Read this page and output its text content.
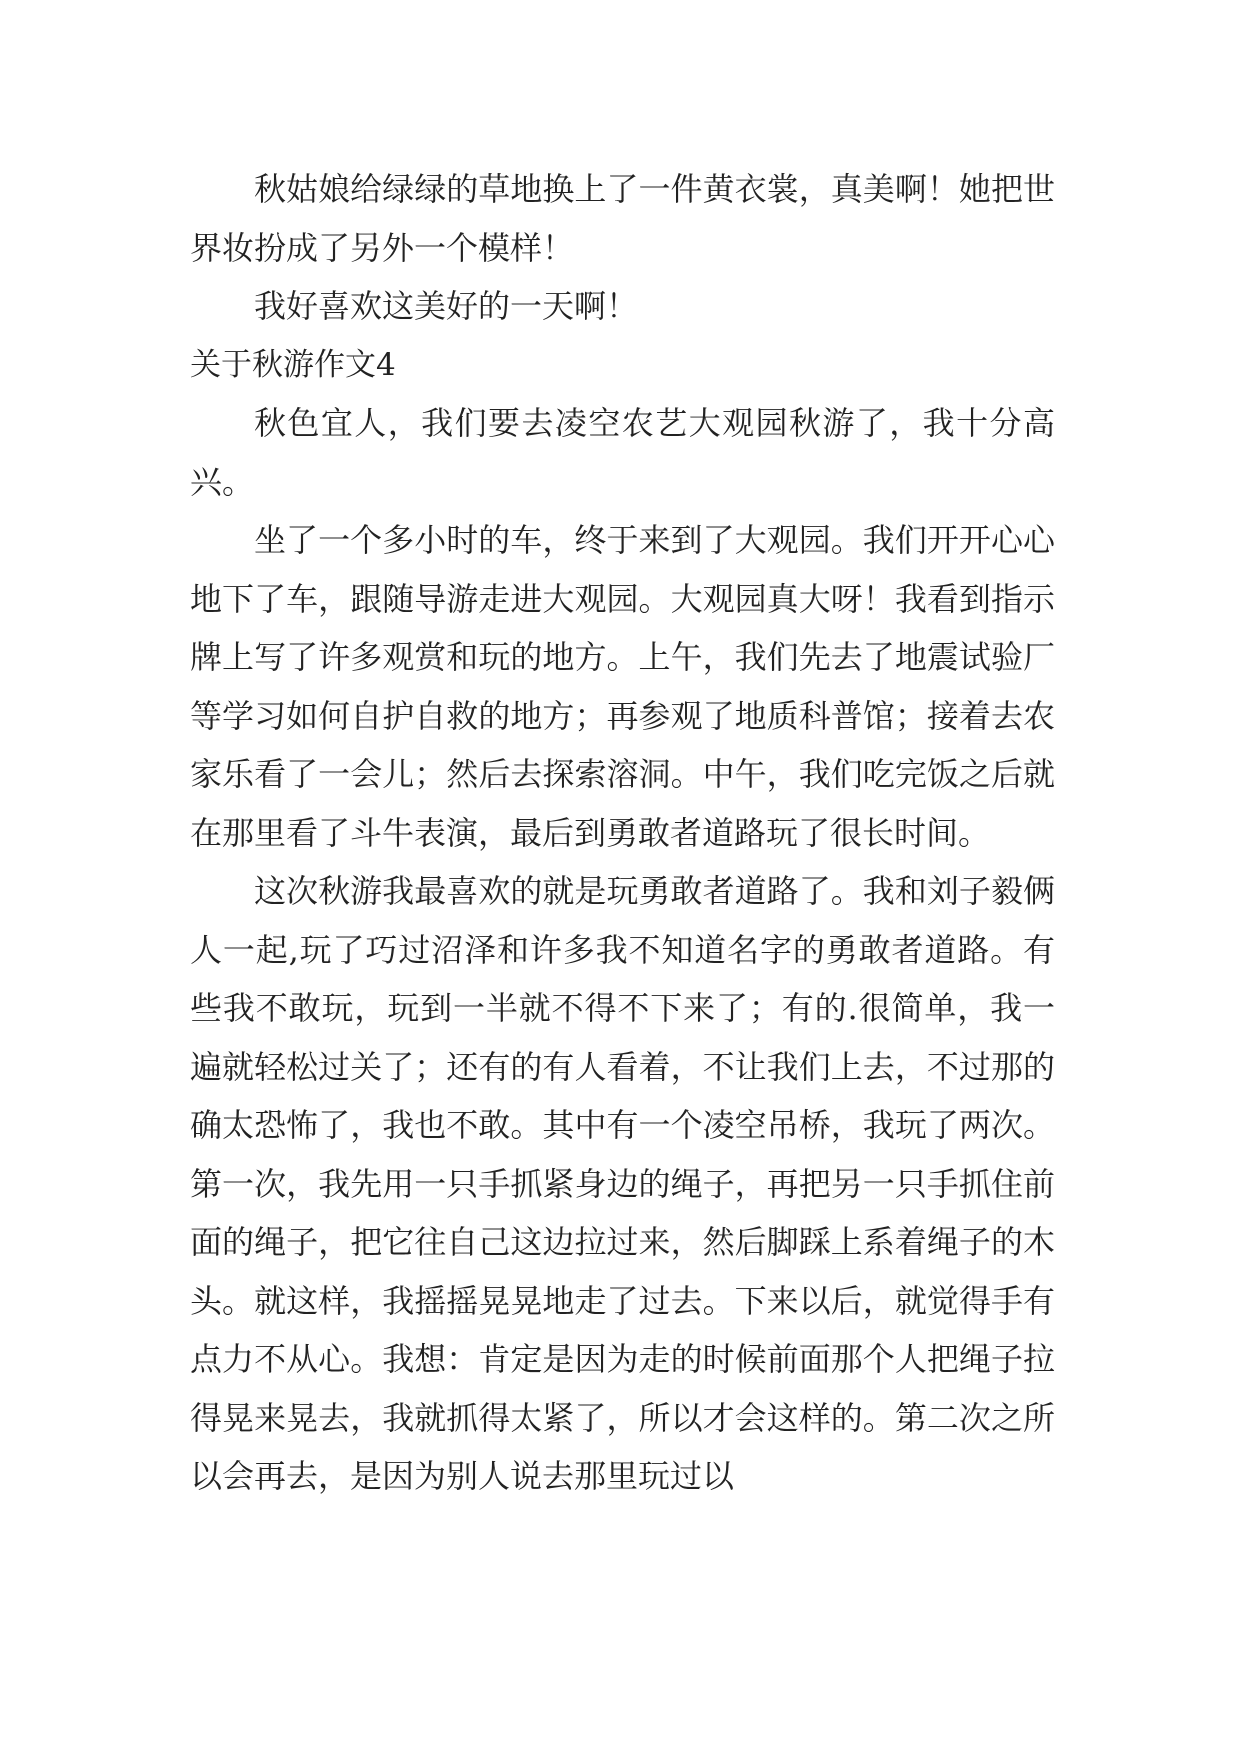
秋姑娘给绿绿的草地换上了一件黄衣裳，真美啊！她把世界妆扮成了另外一个模样！

我好喜欢这美好的一天啊！

关于秋游作文4

秋色宜人，我们要去凌空农艺大观园秋游了，我十分高兴。

坐了一个多小时的车，终于来到了大观园。我们开开心心地下了车，跟随导游走进大观园。大观园真大呀！我看到指示牌上写了许多观赏和玩的地方。上午，我们先去了地震试验厂等学习如何自护自救的地方；再参观了地质科普馆；接着去农家乐看了一会儿；然后去探索溶洞。中午，我们吃完饭之后就在那里看了斗牛表演，最后到勇敢者道路玩了很长时间。

这次秋游我最喜欢的就是玩勇敢者道路了。我和刘子毅俩人一起,玩了巧过沼泽和许多我不知道名字的勇敢者道路。有些我不敢玩，玩到一半就不得不下来了；有的.很简单，我一遍就轻松过关了；还有的有人看着，不让我们上去，不过那的确太恐怖了，我也不敢。其中有一个凌空吊桥，我玩了两次。第一次，我先用一只手抓紧身边的绳子，再把另一只手抓住前面的绳子，把它往自己这边拉过来，然后脚踩上系着绳子的木头。就这样，我摇摇晃晃地走了过去。下来以后，就觉得手有点力不从心。我想：肯定是因为走的时候前面那个人把绳子拉得晃来晃去，我就抓得太紧了，所以才会这样的。第二次之所以会再去，是因为别人说去那里玩过以
